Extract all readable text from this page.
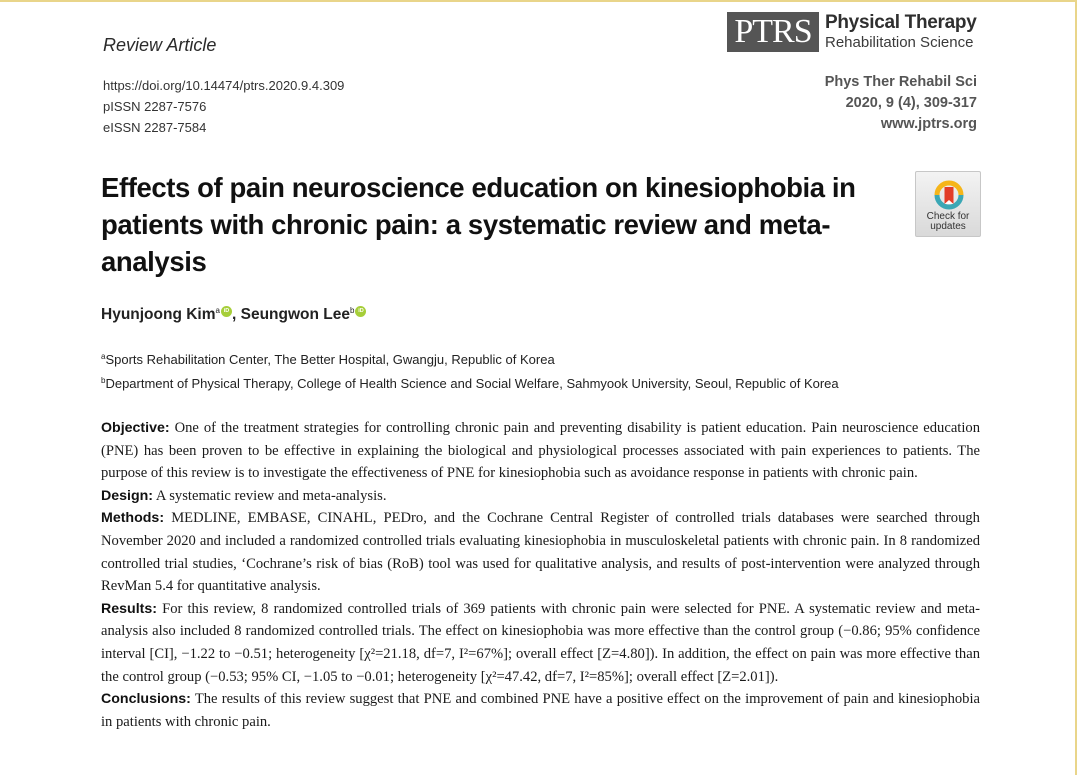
Review Article	PTRS Physical Therapy
Rehabilitation Science
https://doi.org/10.14474/ptrs.2020.9.4.309
pISSN 2287-7576
eISSN 2287-7584
Phys Ther Rehabil Sci
2020, 9 (4), 309-317
www.jptrs.org
Effects of pain neuroscience education on kinesiophobia in patients with chronic pain: a systematic review and meta-analysis
Check for
updates
Hyunjoong Kim$^a$ iD , Seungwon Lee$^b$ iD
$^a$Sports Rehabilitation Center, The Better Hospital, Gwangju, Republic of Korea
$^b$Department of Physical Therapy, College of Health Science and Social Welfare, Sahmyook University, Seoul, Republic of Korea

Objective: One of the treatment strategies for controlling chronic pain and preventing disability is patient education. Pain neuroscience education (PNE) has been proven to be effective in explaining the biological and physiological processes associated with pain experiences to patients. The purpose of this review is to investigate the effectiveness of PNE for kinesiophobia such as avoidance response in patients with chronic pain.

Design: A systematic review and meta-analysis.

Methods: MEDLINE, EMBASE, CINAHL, PEDro, and the Cochrane Central Register of controlled trials databases were searched through November 2020 and included a randomized controlled trials evaluating kinesiophobia in musculoskeletal patients with chronic pain. In 8 randomized controlled trial studies, ‘Cochrane’s risk of bias (RoB) tool was used for qualitative analysis, and results of post-intervention were analyzed through RevMan 5.4 for quantitative analysis.

Results: For this review, 8 randomized controlled trials of 369 patients with chronic pain were selected for PNE. A systematic review and meta-analysis also included 8 randomized controlled trials. The effect on kinesiophobia was more effective than the control group (−0.86; 95% confidence interval [CI], −1.22 to −0.51; heterogeneity [χ²=21.18, df=7, I²=67%]; overall effect [Z=4.80]). In addition, the effect on pain was more effective than the control group (−0.53; 95% CI, −1.05 to −0.01; heterogeneity [χ²=47.42, df=7, I²=85%]; overall effect [Z=2.01]).

Conclusions: The results of this review suggest that PNE and combined PNE have a positive effect on the improvement of pain and kinesiophobia in patients with chronic pain.
